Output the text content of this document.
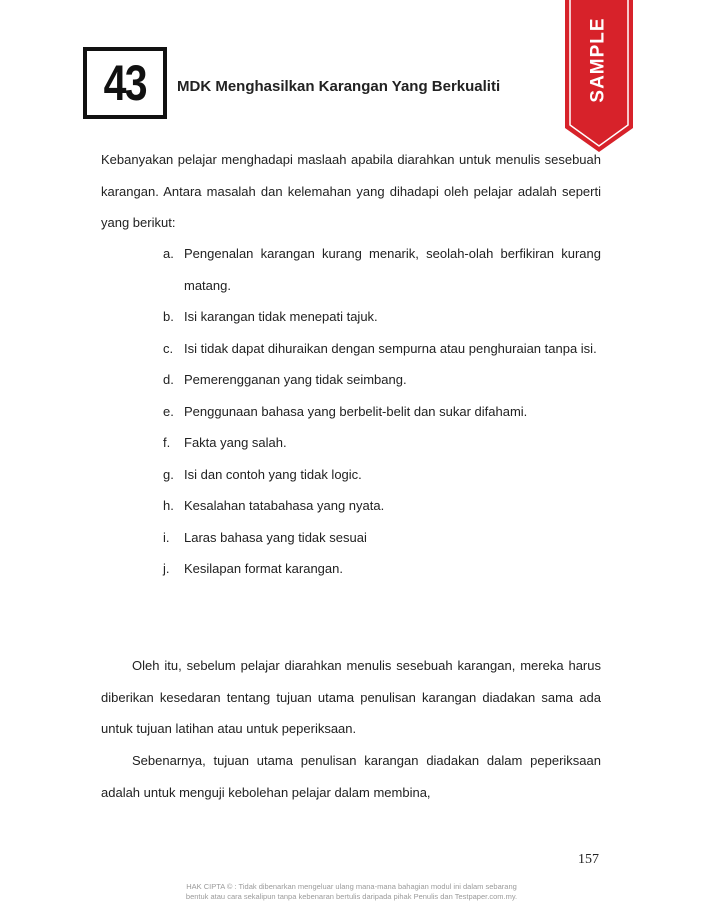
43 MDK Menghasilkan Karangan Yang Berkualiti	SAMPLE
Kebanyakan pelajar menghadapi maslaah apabila diarahkan untuk menulis sesebuah karangan. Antara masalah dan kelemahan yang dihadapi oleh pelajar adalah seperti yang berikut:
a. Pengenalan karangan kurang menarik, seolah-olah berfikiran kurang matang.
b. Isi karangan tidak menepati tajuk.
c. Isi tidak dapat dihuraikan dengan sempurna atau penghuraian tanpa isi.
d. Pemerengganan yang tidak seimbang.
e. Penggunaan bahasa yang berbelit-belit dan sukar difahami.
f.	Fakta yang salah.
g. Isi dan contoh yang tidak logic.
h. Kesalahan tatabahasa yang nyata.
i.	Laras bahasa yang tidak sesuai
j.	Kesilapan format karangan.
Oleh itu, sebelum pelajar diarahkan menulis sesebuah karangan, mereka harus diberikan kesedaran tentang tujuan utama penulisan karangan diadakan sama ada untuk tujuan latihan atau untuk peperiksaan.
Sebenarnya, tujuan utama penulisan karangan diadakan dalam peperiksaan adalah untuk menguji kebolehan pelajar dalam membina,
157
HAK CIPTA © : Tidak dibenarkan mengeluar ulang mana-mana bahagian modul ini dalam sebarang
bentuk atau cara sekalipun tanpa kebenaran bertulis daripada pihak Penulis dan Testpaper.com.my.
